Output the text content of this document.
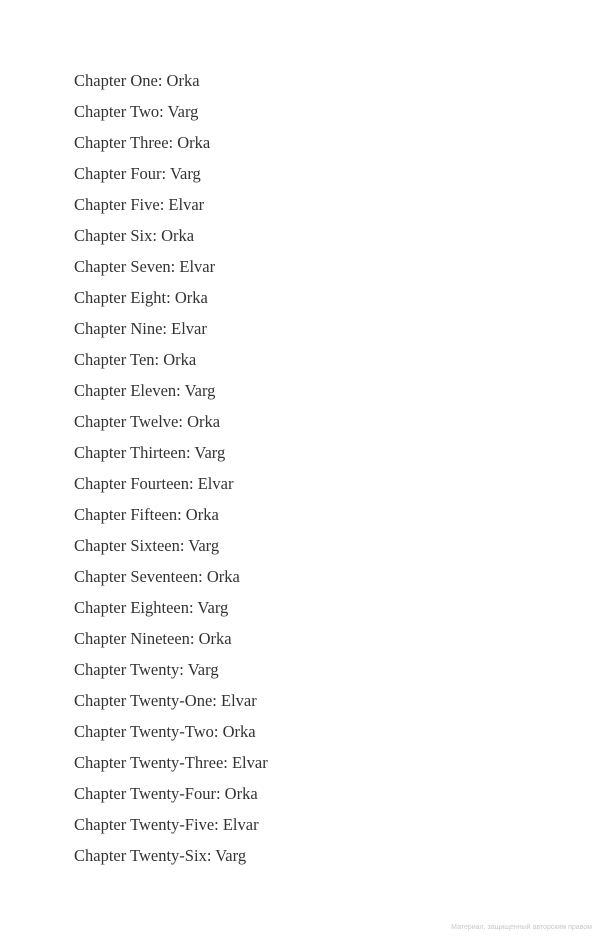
Chapter One: Orka
Chapter Two: Varg
Chapter Three: Orka
Chapter Four: Varg
Chapter Five: Elvar
Chapter Six: Orka
Chapter Seven: Elvar
Chapter Eight: Orka
Chapter Nine: Elvar
Chapter Ten: Orka
Chapter Eleven: Varg
Chapter Twelve: Orka
Chapter Thirteen: Varg
Chapter Fourteen: Elvar
Chapter Fifteen: Orka
Chapter Sixteen: Varg
Chapter Seventeen: Orka
Chapter Eighteen: Varg
Chapter Nineteen: Orka
Chapter Twenty: Varg
Chapter Twenty-One: Elvar
Chapter Twenty-Two: Orka
Chapter Twenty-Three: Elvar
Chapter Twenty-Four: Orka
Chapter Twenty-Five: Elvar
Chapter Twenty-Six: Varg
Материал, защищенный авторским правом
